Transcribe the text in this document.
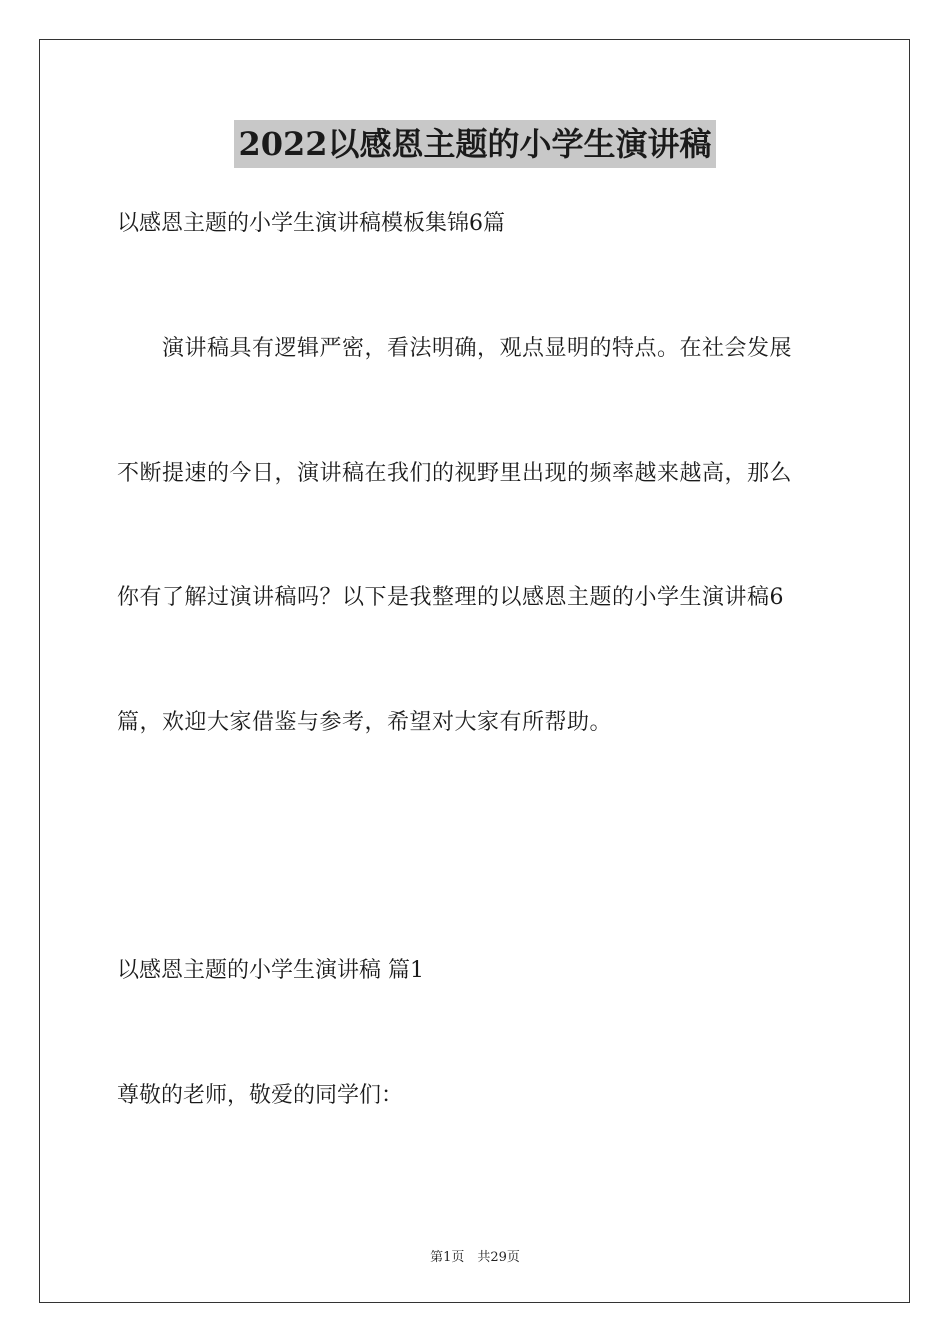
2022以感恩主题的小学生演讲稿
以感恩主题的小学生演讲稿模板集锦6篇
　　演讲稿具有逻辑严密，看法明确，观点显明的特点。在社会发展
不断提速的今日，演讲稿在我们的视野里出现的频率越来越高，那么
你有了解过演讲稿吗？以下是我整理的以感恩主题的小学生演讲稿6
篇，欢迎大家借鉴与参考，希望对大家有所帮助。
以感恩主题的小学生演讲稿 篇1
尊敬的老师，敬爱的同学们：
第1页　共29页
